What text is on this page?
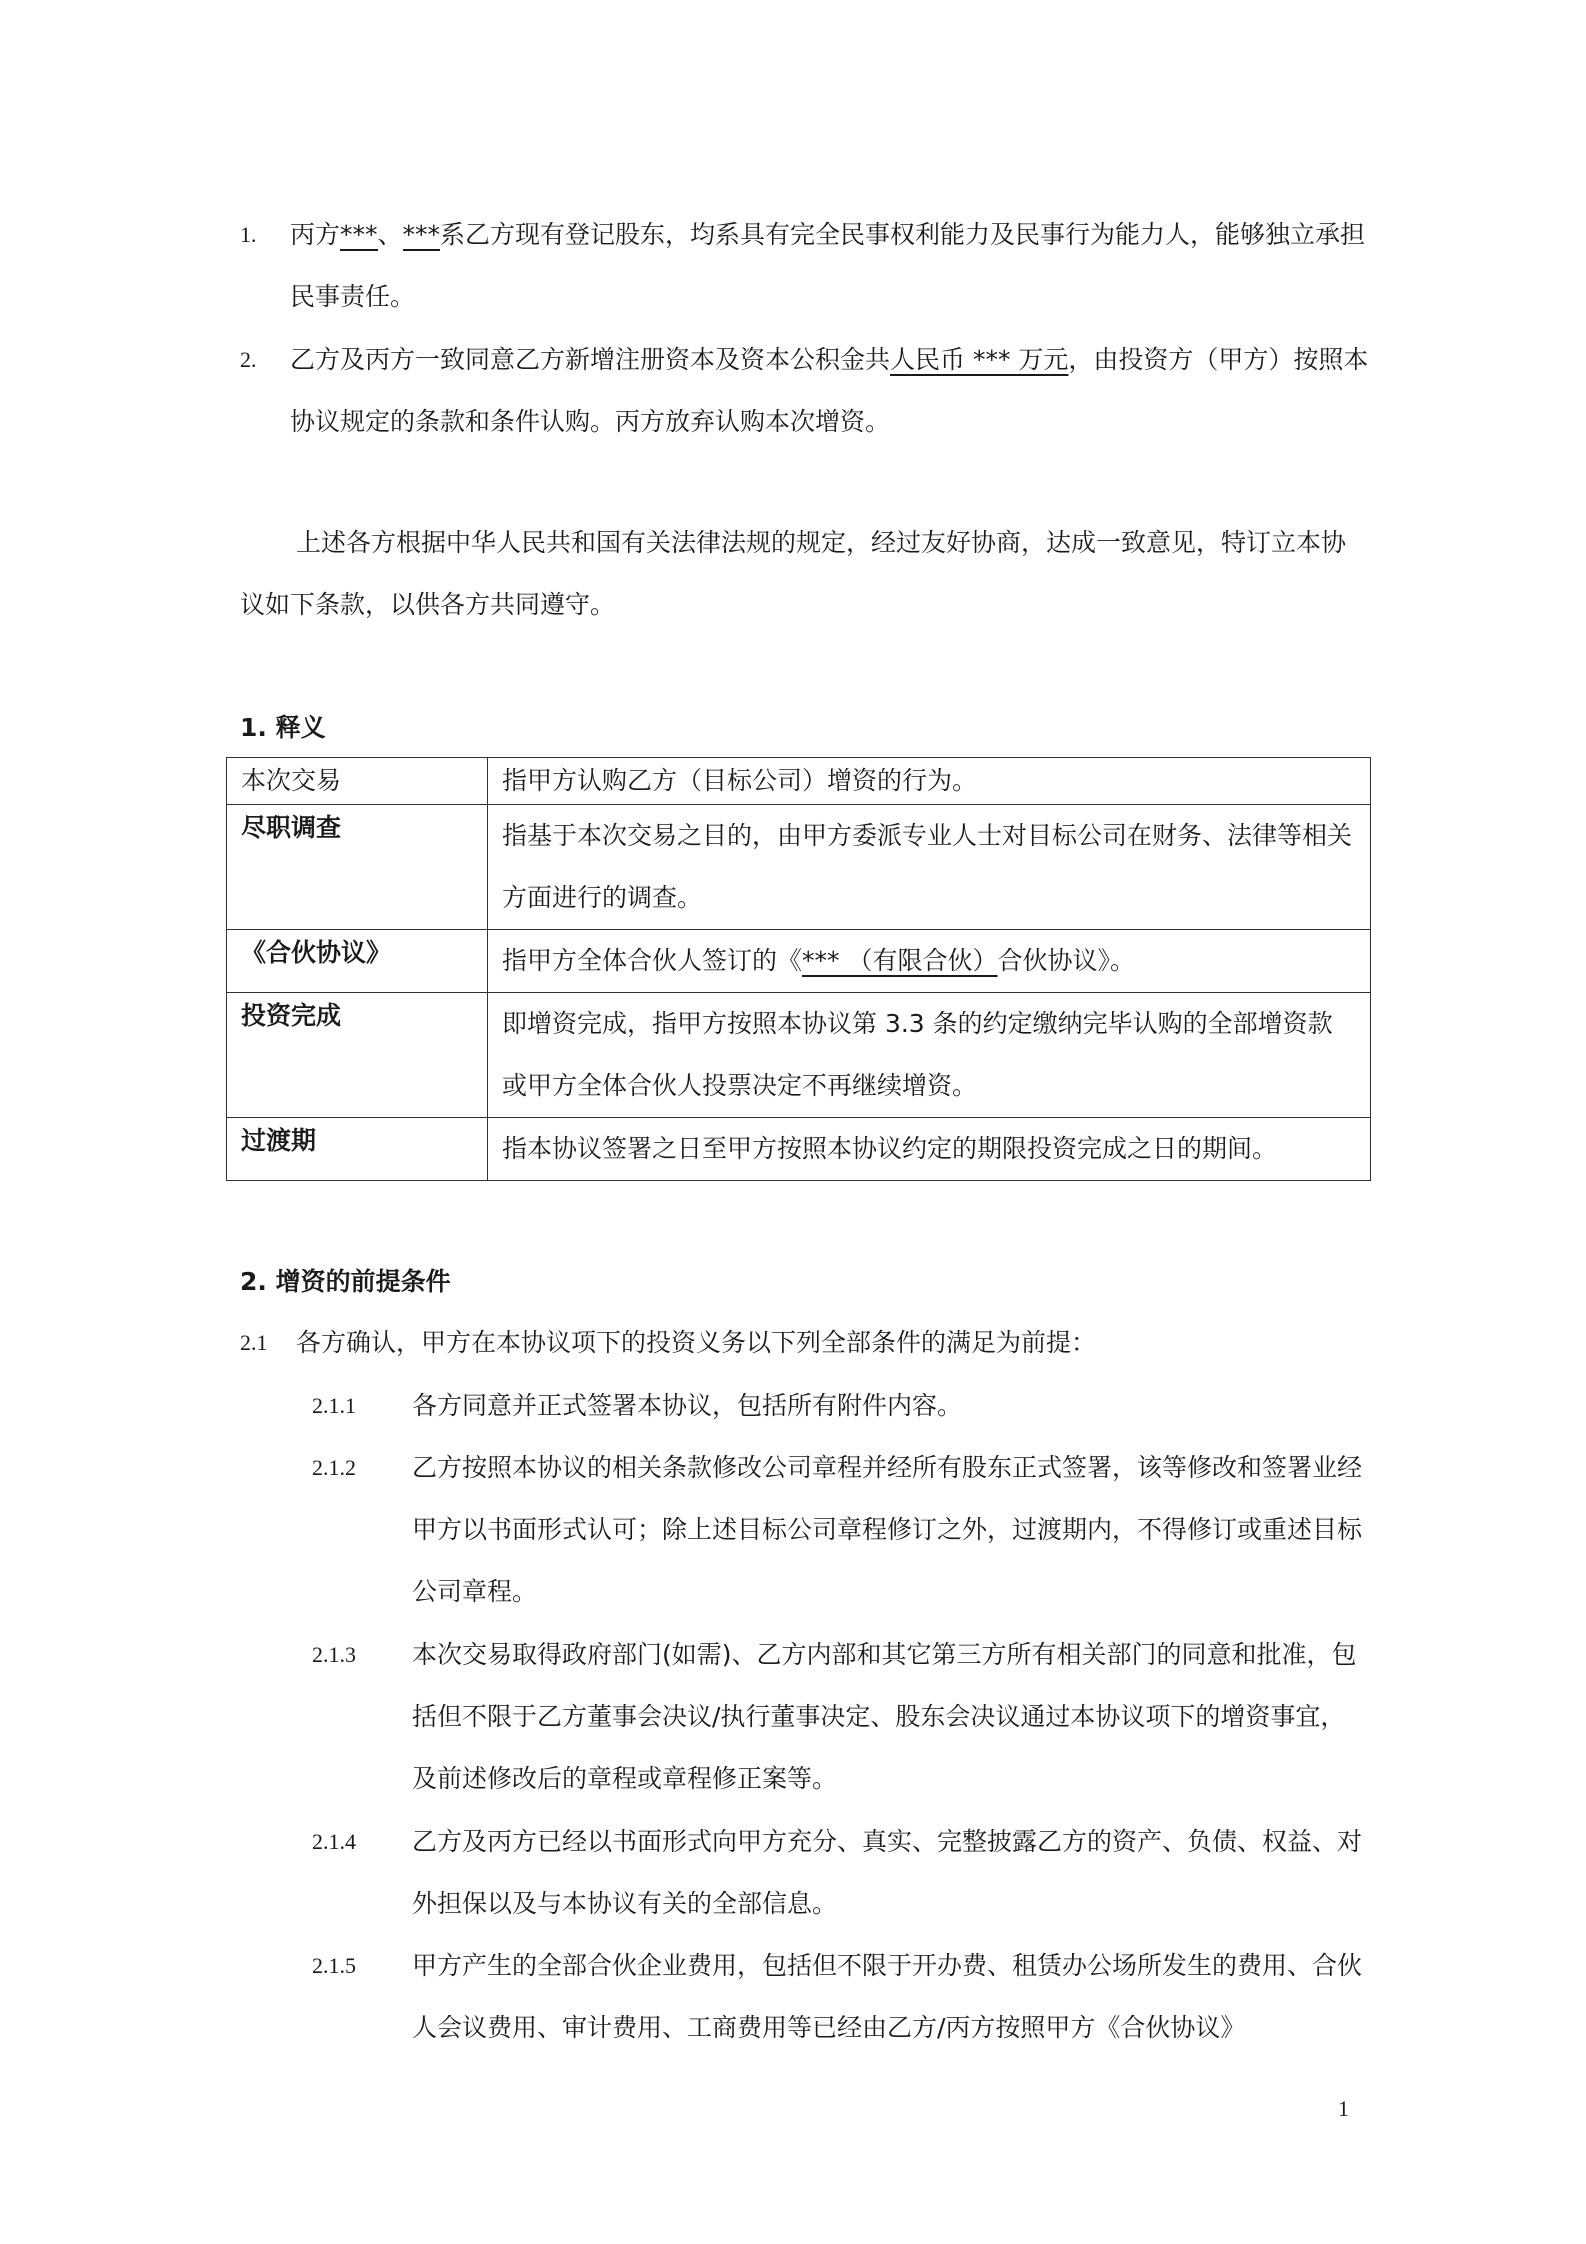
1. 丙方***、***系乙方现有登记股东，均系具有完全民事权利能力及民事行为能力人，能够独立承担民事责任。
2. 乙方及丙方一致同意乙方新增注册资本及资本公积金共人民币 *** 万元，由投资方（甲方）按照本协议规定的条款和条件认购。丙方放弃认购本次增资。
上述各方根据中华人民共和国有关法律法规的规定，经过友好协商，达成一致意见，特订立本协议如下条款，以供各方共同遵守。
1. 释义
本次交易	指甲方认购乙方（目标公司）增资的行为。
尽职调查	指基于本次交易之目的，由甲方委派专业人士对目标公司在财务、法律等相关方面进行的调查。
《合伙协议》	指甲方全体合伙人签订的《*** （有限合伙）合伙协议》。
投资完成	即增资完成，指甲方按照本协议第 3.3 条的约定缴纳完毕认购的全部增资款或甲方全体合伙人投票决定不再继续增资。
过渡期	指本协议签署之日至甲方按照本协议约定的期限投资完成之日的期间。
2. 增资的前提条件
2.1 各方确认，甲方在本协议项下的投资义务以下列全部条件的满足为前提：
2.1.1 各方同意并正式签署本协议，包括所有附件内容。
2.1.2 乙方按照本协议的相关条款修改公司章程并经所有股东正式签署，该等修改和签署业经甲方以书面形式认可；除上述目标公司章程修订之外，过渡期内，不得修订或重述目标公司章程。
2.1.3 本次交易取得政府部门(如需)、乙方内部和其它第三方所有相关部门的同意和批准，包括但不限于乙方董事会决议/执行董事决定、股东会决议通过本协议项下的增资事宜，及前述修改后的章程或章程修正案等。
2.1.4 乙方及丙方已经以书面形式向甲方充分、真实、完整披露乙方的资产、负债、权益、对外担保以及与本协议有关的全部信息。
2.1.5 甲方产生的全部合伙企业费用，包括但不限于开办费、租赁办公场所发生的费用、合伙人会议费用、审计费用、工商费用等已经由乙方/丙方按照甲方《合伙协议》
1
